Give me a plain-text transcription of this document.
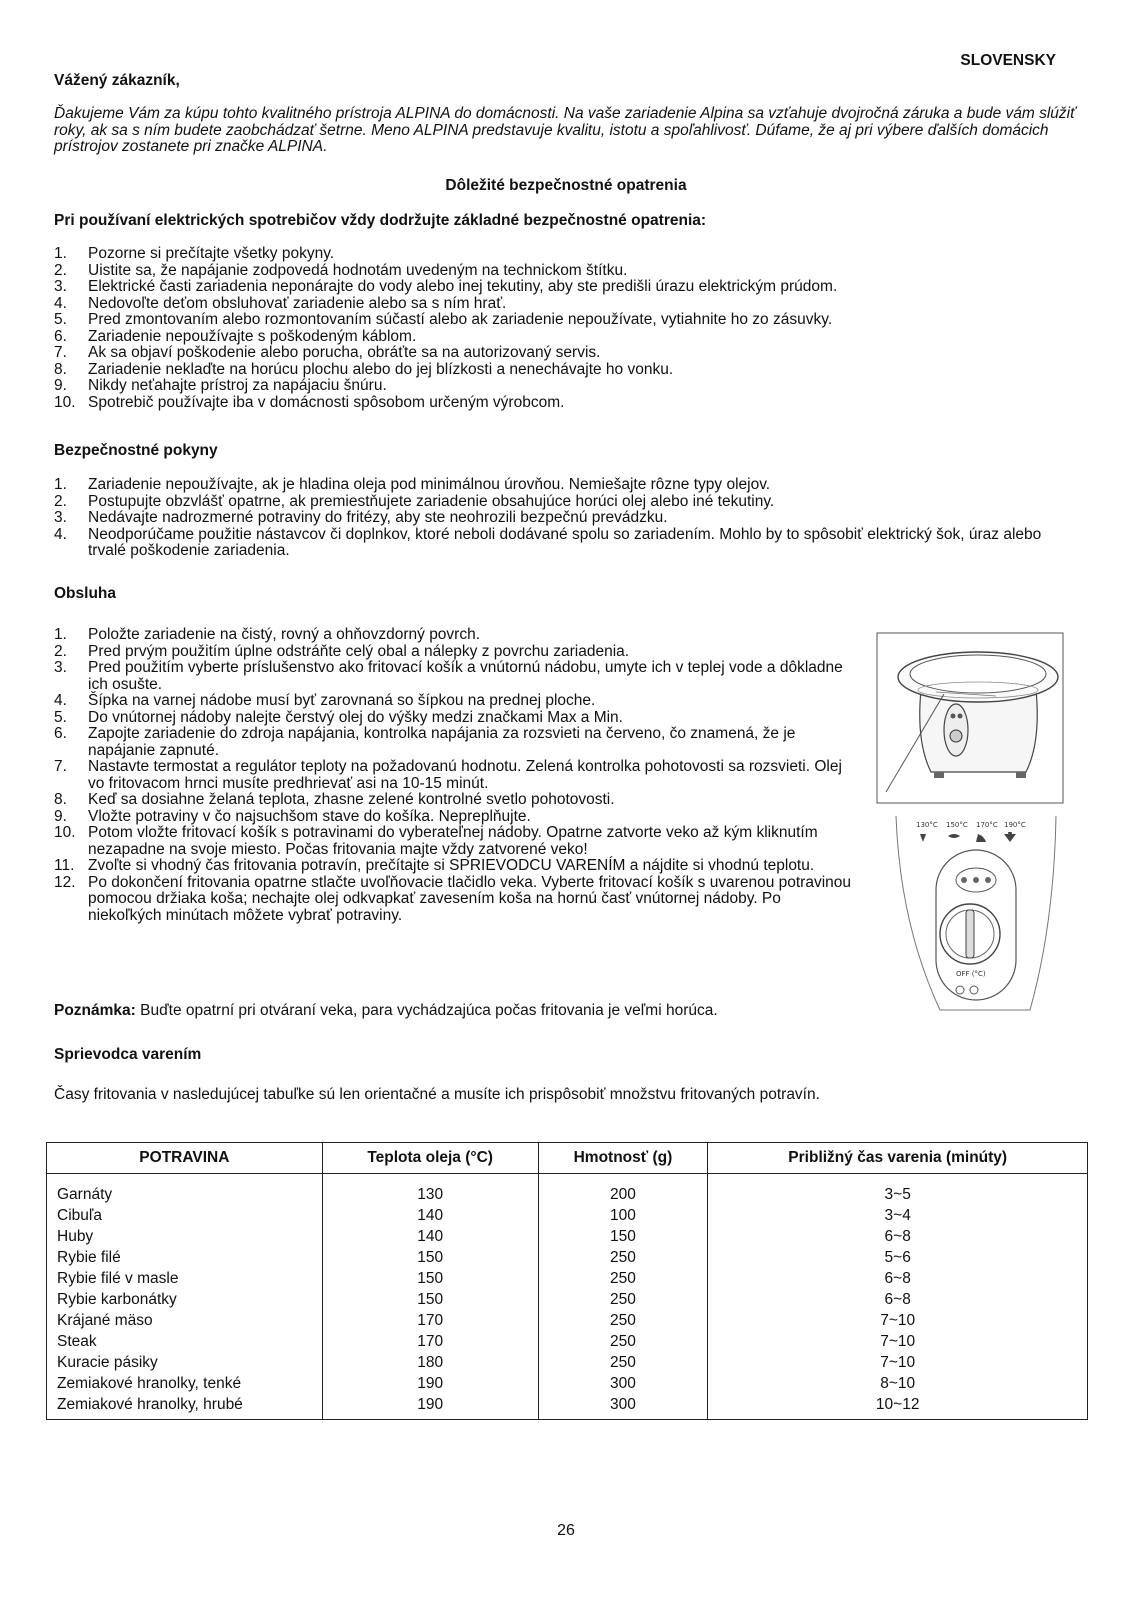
SLOVENSKY
Vážený zákazník,
Ďakujeme Vám za kúpu tohto kvalitného prístroja ALPINA do domácnosti. Na vaše zariadenie Alpina sa vzťahuje dvojročná záruka a bude vám slúžiť roky, ak sa s ním budete zaobchádzať šetrne. Meno ALPINA predstavuje kvalitu, istotu a spoľahlivosť. Dúfame, že aj pri výbere ďalších domácich prístrojov zostanete pri značke ALPINA.
Dôležité bezpečnostné opatrenia
Pri používaní elektrických spotrebičov vždy dodržujte základné bezpečnostné opatrenia:
1. Pozorne si prečítajte všetky pokyny.
2. Uistite sa, že napájanie zodpovedá hodnotám uvedeným na technickom štítku.
3. Elektrické časti zariadenia neponárajte do vody alebo inej tekutiny, aby ste predišli úrazu elektrickým prúdom.
4. Nedovoľte deťom obsluhovať zariadenie alebo sa s ním hrať.
5. Pred zmontovaním alebo rozmontovaním súčastí alebo ak zariadenie nepoužívate, vytiahnite ho zo zásuvky.
6. Zariadenie nepoužívajte s poškodeným káblom.
7. Ak sa objaví poškodenie alebo porucha, obráťte sa na autorizovaný servis.
8. Zariadenie neklaďte na horúcu plochu alebo do jej blízkosti a nenechávajte ho vonku.
9. Nikdy neťahajte prístroj za napájaciu šnúru.
10. Spotrebič používajte iba v domácnosti spôsobom určeným výrobcom.
Bezpečnostné pokyny
1. Zariadenie nepoužívajte, ak je hladina oleja pod minimálnou úrovňou. Nemiešajte rôzne typy olejov.
2. Postupujte obzvlášť opatrne, ak premiestňujete zariadenie obsahujúce horúci olej alebo iné tekutiny.
3. Nedávajte nadrozmerné potraviny do fritézy, aby ste neohrozili bezpečnú prevádzku.
4. Neodporúčame použitie nástavcov či doplnkov, ktoré neboli dodávané spolu so zariadením. Mohlo by to spôsobiť elektrický šok, úraz alebo trvalé poškodenie zariadenia.
Obsluha
1. Položte zariadenie na čistý, rovný a ohňovzdorný povrch.
2. Pred prvým použitím úplne odstráňte celý obal a nálepky z povrchu zariadenia.
3. Pred použitím vyberte príslušenstvo ako fritovací košík a vnútornú nádobu, umyte ich v teplej vode a dôkladne ich osušte.
4. Šípka na varnej nádobe musí byť zarovnaná so šípkou na prednej ploche.
5. Do vnútornej nádoby nalejte čerstvý olej do výšky medzi značkami Max a Min.
6. Zapojte zariadenie do zdroja napájania, kontrolka napájania za rozsvieti na červeno, čo znamená, že je napájanie zapnuté.
7. Nastavte termostat a regulátor teploty na požadovanú hodnotu. Zelená kontrolka pohotovosti sa rozsvieti. Olej vo fritovacom hrnci musíte predhrievať asi na 10-15 minút.
8. Keď sa dosiahne želaná teplota, zhasne zelené kontrolné svetlo pohotovosti.
9. Vložte potraviny v čo najsuchšom stave do košíka. Nepreplňujte.
10. Potom vložte fritovací košík s potravinami do vyberateľnej nádoby. Opatrne zatvorte veko až kým kliknutím nezapadne na svoje miesto. Počas fritovania majte vždy zatvorené veko!
11. Zvoľte si vhodný čas fritovania potravín, prečítajte si SPRIEVODCU VARENÍM a nájdite si vhodnú teplotu.
12. Po dokončení fritovania opatrne stlačte uvoľňovacie tlačidlo veka. Vyberte fritovací košík s uvarenou potravinou pomocou držiaka koša; nechajte olej odkvapkať zavesením koša na hornú časť vnútornej nádoby. Po niekoľkých minútach môžete vybrať potraviny.
130°C 150°C 170°C 190°C
OFF (°C)
Poznámka: Buďte opatrní pri otváraní veka, para vychádzajúca počas fritovania je veľmi horúca.
Sprievodca varením
Časy fritovania v nasledujúcej tabuľke sú len orientačné a musíte ich prispôsobiť množstvu fritovaných potravín.
POTRAVINA	Teplota oleja (°C)	Hmotnosť (g)	Približný čas varenia (minúty)
Garnáty	130	200	3~5
Cibuľa	140	100	3~4
Huby	140	150	6~8
Rybie filé	150	250	5~6
Rybie filé v masle	150	250	6~8
Rybie karbonátky	150	250	6~8
Krájané mäso	170	250	7~10
Steak	170	250	7~10
Kuracie pásiky	180	250	7~10
Zemiakové hranolky, tenké	190	300	8~10
Zemiakové hranolky, hrubé	190	300	10~12
26
